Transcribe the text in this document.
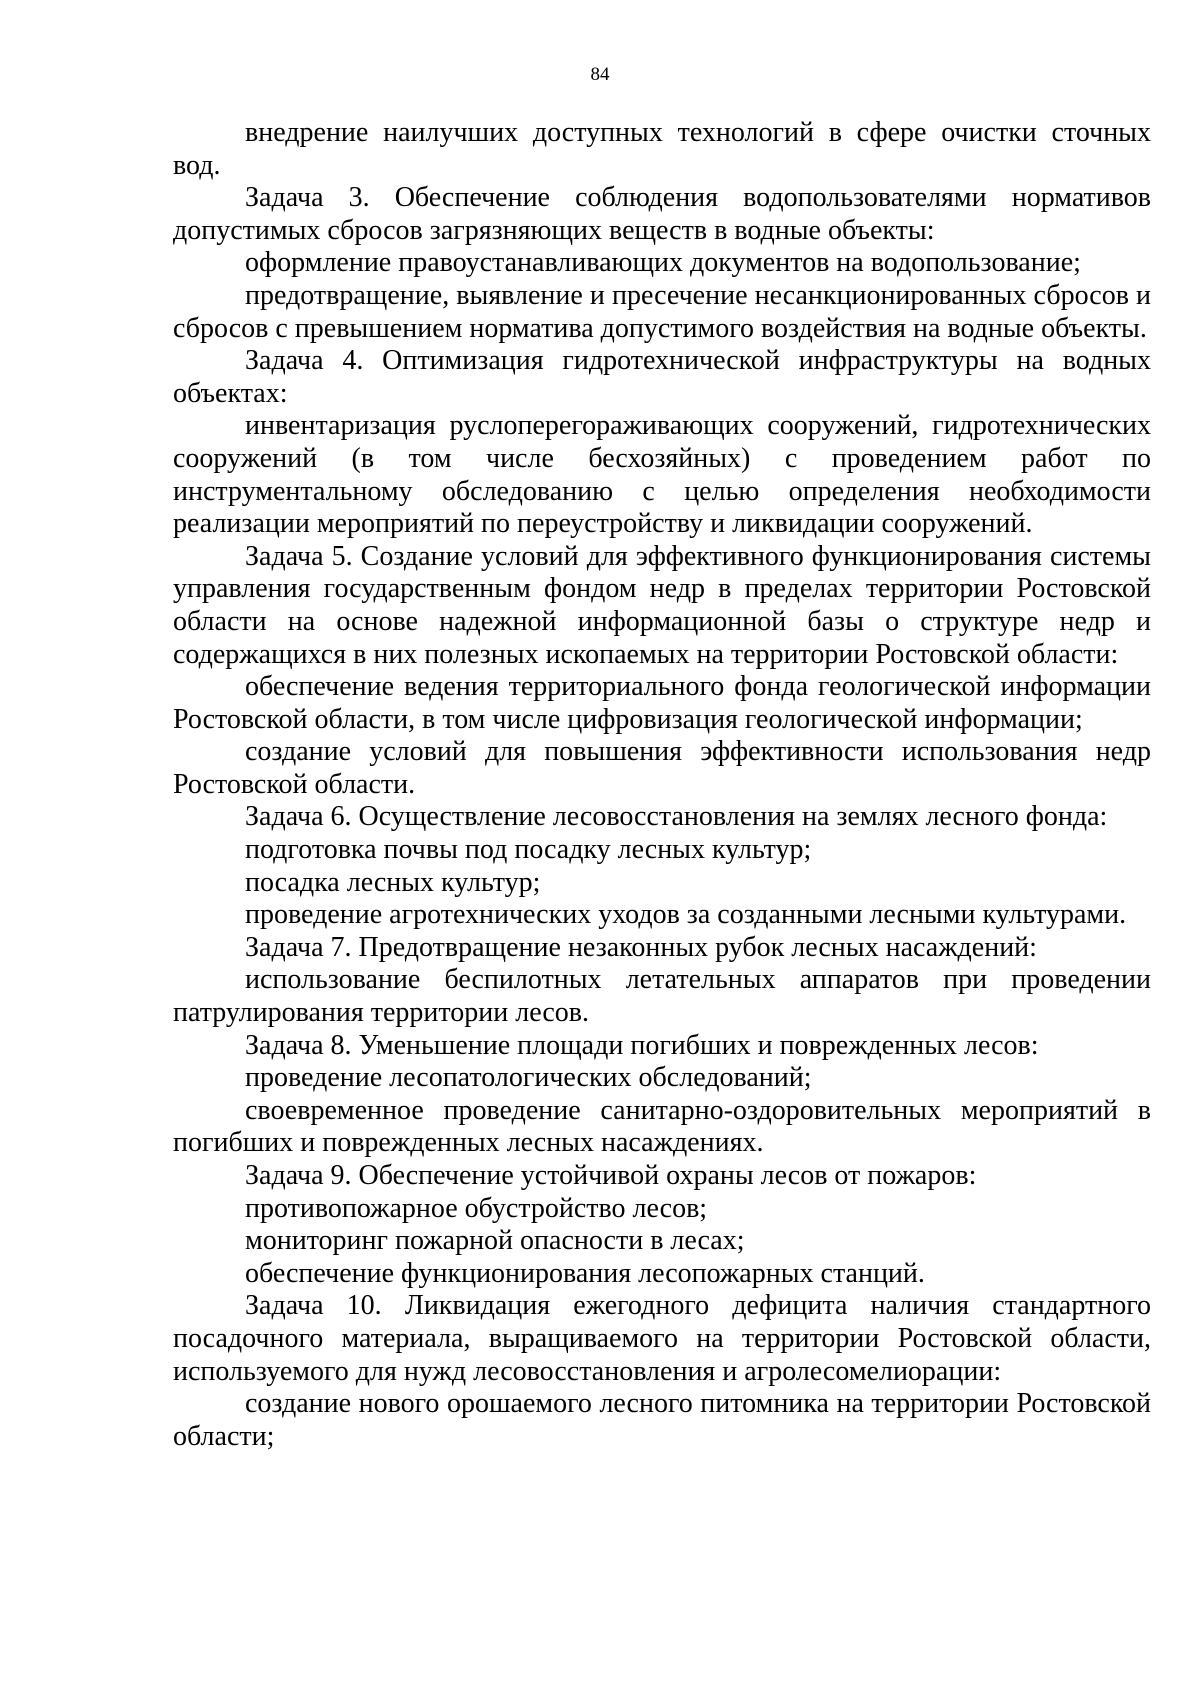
84

внедрение наилучших доступных технологий в сфере очистки сточных вод.

Задача 3. Обеспечение соблюдения водопользователями нормативов допустимых сбросов загрязняющих веществ в водные объекты:

оформление правоустанавливающих документов на водопользование;

предотвращение, выявление и пресечение несанкционированных сбросов и сбросов с превышением норматива допустимого воздействия на водные объекты.

Задача 4. Оптимизация гидротехнической инфраструктуры на водных объектах:

инвентаризация руслоперегораживающих сооружений, гидротехнических сооружений (в том числе бесхозяйных) с проведением работ по инструментальному обследованию с целью определения необходимости реализации мероприятий по переустройству и ликвидации сооружений.

Задача 5. Создание условий для эффективного функционирования системы управления государственным фондом недр в пределах территории Ростовской области на основе надежной информационной базы о структуре недр и содержащихся в них полезных ископаемых на территории Ростовской области:

обеспечение ведения территориального фонда геологической информации Ростовской области, в том числе цифровизация геологической информации;

создание условий для повышения эффективности использования недр Ростовской области.

Задача 6. Осуществление лесовосстановления на землях лесного фонда:

подготовка почвы под посадку лесных культур;

посадка лесных культур;

проведение агротехнических уходов за созданными лесными культурами.

Задача 7. Предотвращение незаконных рубок лесных насаждений:

использование беспилотных летательных аппаратов при проведении патрулирования территории лесов.

Задача 8. Уменьшение площади погибших и поврежденных лесов:

проведение лесопатологических обследований;

своевременное проведение санитарно-оздоровительных мероприятий в погибших и поврежденных лесных насаждениях.

Задача 9. Обеспечение устойчивой охраны лесов от пожаров:

противопожарное обустройство лесов;

мониторинг пожарной опасности в лесах;

обеспечение функционирования лесопожарных станций.

Задача 10. Ликвидация ежегодного дефицита наличия стандартного посадочного материала, выращиваемого на территории Ростовской области, используемого для нужд лесовосстановления и агролесомелиорации:

создание нового орошаемого лесного питомника на территории Ростовской области;
